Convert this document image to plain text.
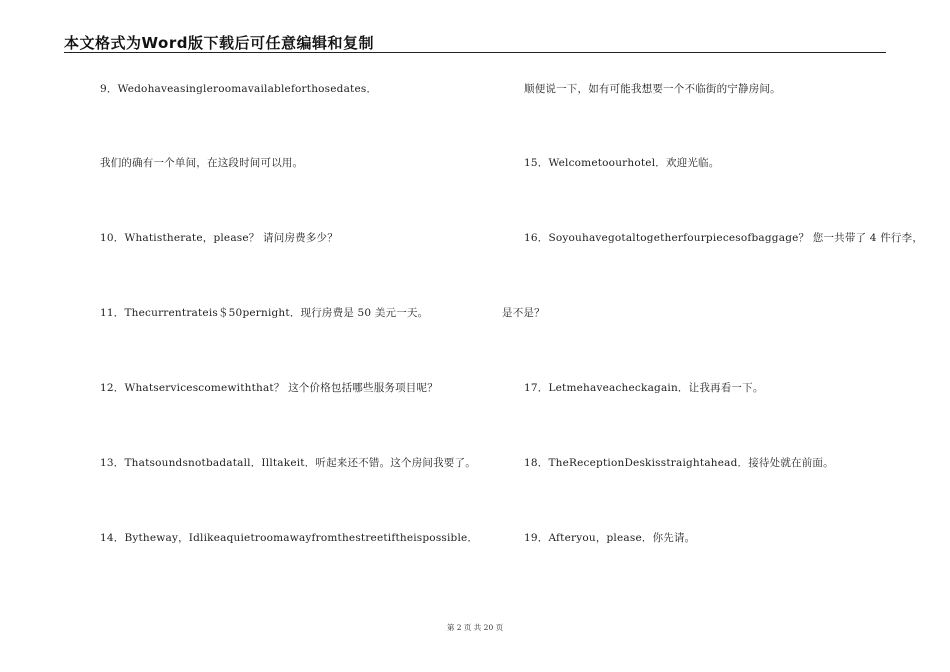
本文格式为Word版下载后可任意编辑和复制
9．Wedohaveasingleroomavailableforthosedates．
我们的确有一个单间，在这段时间可以用。
10．Whatistherate，please？ 请问房费多少？
11．Thecurrentrateis＄50pernight．现行房费是 50 美元一天。
12．Whatservicescomewiththat？ 这个价格包括哪些服务项目呢？
13．Thatsoundsnotbadatall．Illtakeit．听起来还不错。这个房间我要了。
14．Bytheway，Idlikeaquietroomawayfromthestreetiftheispossible．
顺便说一下，如有可能我想要一个不临街的宁静房间。
15．Welcometoourhotel．欢迎光临。
16．Soyouhavegotaltogetherfourpiecesofbaggage？ 您一共带了 4 件行李，
是不是？
17．Letmehaveacheckagain．让我再看一下。
18．TheReceptionDeskisstraightahead．接待处就在前面。
19．Afteryou，please．你先请。
第 2 页 共 20 页
